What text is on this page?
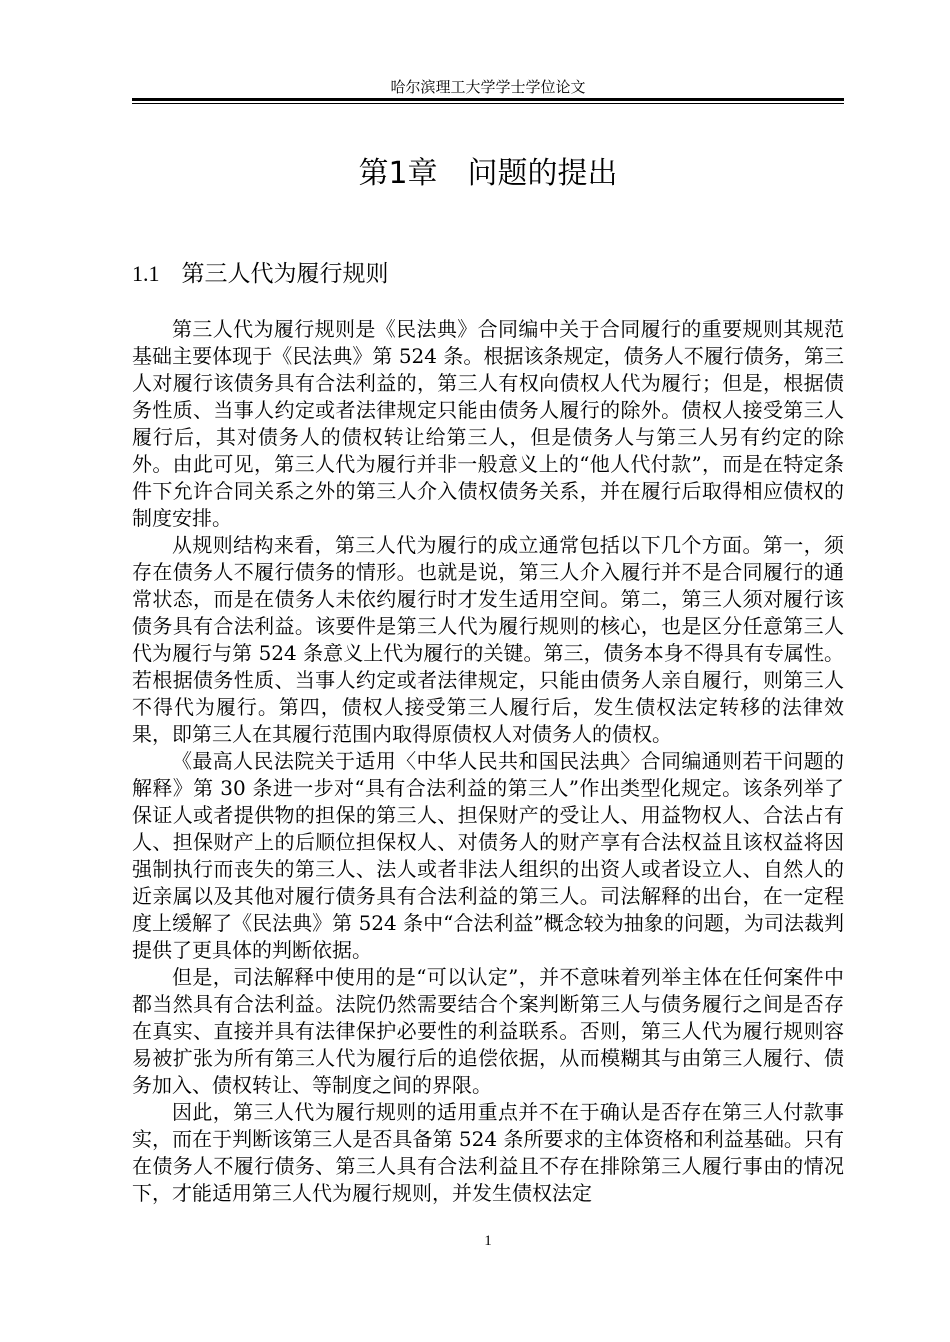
哈尔滨理工大学学士学位论文
第1章 问题的提出
1.1 第三人代为履行规则

第三人代为履行规则是《民法典》合同编中关于合同履行的重要规则其规范基础主要体现于《民法典》第 524 条。根据该条规定，债务人不履行债务，第三人对履行该债务具有合法利益的，第三人有权向债权人代为履行；但是，根据债务性质、当事人约定或者法律规定只能由债务人履行的除外。债权人接受第三人履行后，其对债务人的债权转让给第三人，但是债务人与第三人另有约定的除外。由此可见，第三人代为履行并非一般意义上的“他人代付款”，而是在特定条件下允许合同关系之外的第三人介入债权债务关系，并在履行后取得相应债权的制度安排。

从规则结构来看，第三人代为履行的成立通常包括以下几个方面。第一，须存在债务人不履行债务的情形。也就是说，第三人介入履行并不是合同履行的通常状态，而是在债务人未依约履行时才发生适用空间。第二，第三人须对履行该债务具有合法利益。该要件是第三人代为履行规则的核心，也是区分任意第三人代为履行与第 524 条意义上代为履行的关键。第三，债务本身不得具有专属性。若根据债务性质、当事人约定或者法律规定，只能由债务人亲自履行，则第三人不得代为履行。第四，债权人接受第三人履行后，发生债权法定转移的法律效果，即第三人在其履行范围内取得原债权人对债务人的债权。

《最高人民法院关于适用〈中华人民共和国民法典〉合同编通则若干问题的解释》第 30 条进一步对“具有合法利益的第三人”作出类型化规定。该条列举了保证人或者提供物的担保的第三人、担保财产的受让人、用益物权人、合法占有人、担保财产上的后顺位担保权人、对债务人的财产享有合法权益且该权益将因强制执行而丧失的第三人、法人或者非法人组织的出资人或者设立人、自然人的近亲属以及其他对履行债务具有合法利益的第三人。司法解释的出台，在一定程度上缓解了《民法典》第 524 条中“合法利益”概念较为抽象的问题，为司法裁判提供了更具体的判断依据。

但是，司法解释中使用的是“可以认定”，并不意味着列举主体在任何案件中都当然具有合法利益。法院仍然需要结合个案判断第三人与债务履行之间是否存在真实、直接并具有法律保护必要性的利益联系。否则，第三人代为履行规则容易被扩张为所有第三人代为履行后的追偿依据，从而模糊其与由第三人履行、债务加入、债权转让、等制度之间的界限。

因此，第三人代为履行规则的适用重点并不在于确认是否存在第三人付款事实，而在于判断该第三人是否具备第 524 条所要求的主体资格和利益基础。只有在债务人不履行债务、第三人具有合法利益且不存在排除第三人履行事由的情况下，才能适用第三人代为履行规则，并发生债权法定

1
